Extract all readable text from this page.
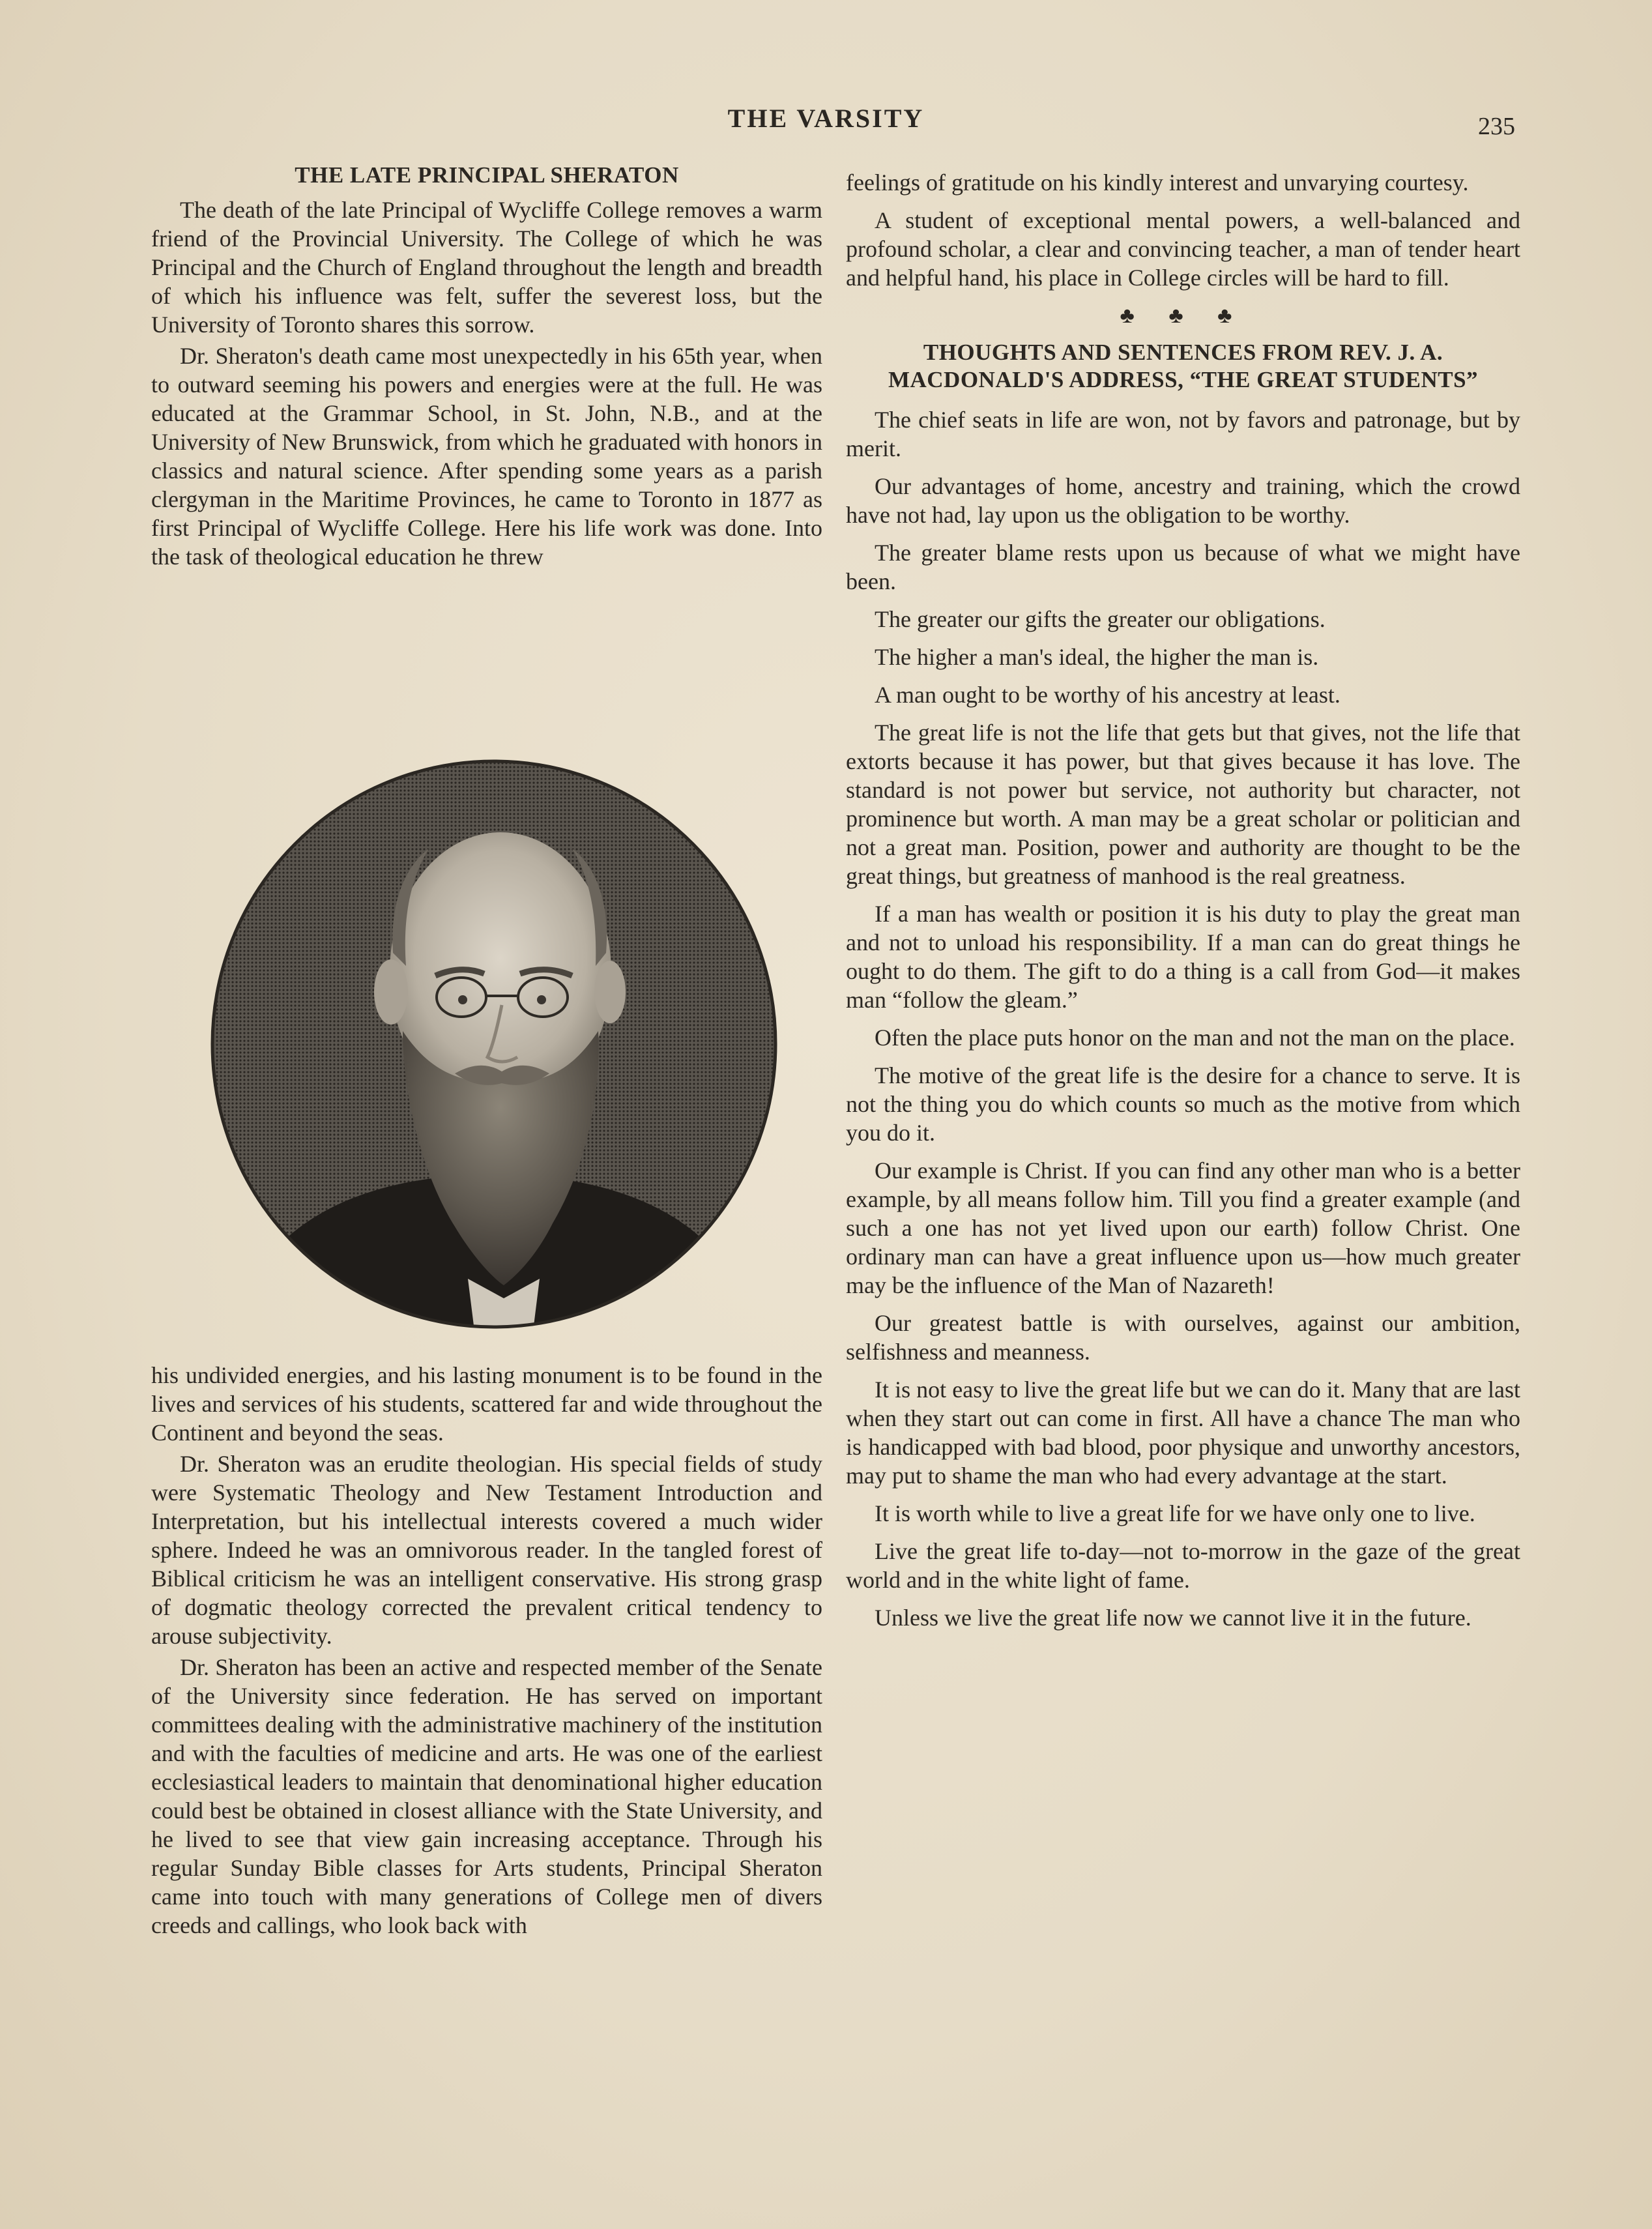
THE VARSITY	235
THE LATE PRINCIPAL SHERATON

The death of the late Principal of Wycliffe College removes a warm friend of the Provincial University. The College of which he was Principal and the Church of England throughout the length and breadth of which his influence was felt, suffer the severest loss, but the University of Toronto shares this sorrow.

Dr. Sheraton's death came most unexpectedly in his 65th year, when to outward seeming his powers and energies were at the full. He was educated at the Grammar School, in St. John, N.B., and at the University of New Brunswick, from which he graduated with honors in classics and natural science. After spending some years as a parish clergyman in the Maritime Provinces, he came to Toronto in 1877 as first Principal of Wycliffe College. Here his life work was done. Into the task of theological education he threw

his undivided energies, and his lasting monument is to be found in the lives and services of his students, scattered far and wide throughout the Continent and beyond the seas.

Dr. Sheraton was an erudite theologian. His special fields of study were Systematic Theology and New Testament Introduction and Interpretation, but his intellectual interests covered a much wider sphere. Indeed he was an omnivorous reader. In the tangled forest of Biblical criticism he was an intelligent conservative. His strong grasp of dogmatic theology corrected the prevalent critical tendency to arouse subjectivity.

Dr. Sheraton has been an active and respected member of the Senate of the University since federation. He has served on important committees dealing with the administrative machinery of the institution and with the faculties of medicine and arts. He was one of the earliest ecclesiastical leaders to maintain that denominational higher education could best be obtained in closest alliance with the State University, and he lived to see that view gain increasing acceptance. Through his regular Sunday Bible classes for Arts students, Principal Sheraton came into touch with many generations of College men of divers creeds and callings, who look back with

feelings of gratitude on his kindly interest and unvarying courtesy.

A student of exceptional mental powers, a well-balanced and profound scholar, a clear and convincing teacher, a man of tender heart and helpful hand, his place in College circles will be hard to fill.

♣ ♣ ♣
THOUGHTS AND SENTENCES FROM REV. J. A. MACDONALD'S ADDRESS, “THE GREAT STUDENTS”

The chief seats in life are won, not by favors and patronage, but by merit.

Our advantages of home, ancestry and training, which the crowd have not had, lay upon us the obligation to be worthy.

The greater blame rests upon us because of what we might have been.

The greater our gifts the greater our obligations.

The higher a man's ideal, the higher the man is.

A man ought to be worthy of his ancestry at least.

The great life is not the life that gets but that gives, not the life that extorts because it has power, but that gives because it has love. The standard is not power but service, not authority but character, not prominence but worth. A man may be a great scholar or politician and not a great man. Position, power and authority are thought to be the great things, but greatness of manhood is the real greatness.

If a man has wealth or position it is his duty to play the great man and not to unload his responsibility. If a man can do great things he ought to do them. The gift to do a thing is a call from God—it makes man “follow the gleam.”

Often the place puts honor on the man and not the man on the place.

The motive of the great life is the desire for a chance to serve. It is not the thing you do which counts so much as the motive from which you do it.

Our example is Christ. If you can find any other man who is a better example, by all means follow him. Till you find a greater example (and such a one has not yet lived upon our earth) follow Christ. One ordinary man can have a great influence upon us—how much greater may be the influence of the Man of Nazareth!

Our greatest battle is with ourselves, against our ambition, selfishness and meanness.

It is not easy to live the great life but we can do it. Many that are last when they start out can come in first. All have a chance The man who is handicapped with bad blood, poor physique and unworthy ancestors, may put to shame the man who had every advantage at the start.

It is worth while to live a great life for we have only one to live.

Live the great life to-day—not to-morrow in the gaze of the great world and in the white light of fame.

Unless we live the great life now we cannot live it in the future.
